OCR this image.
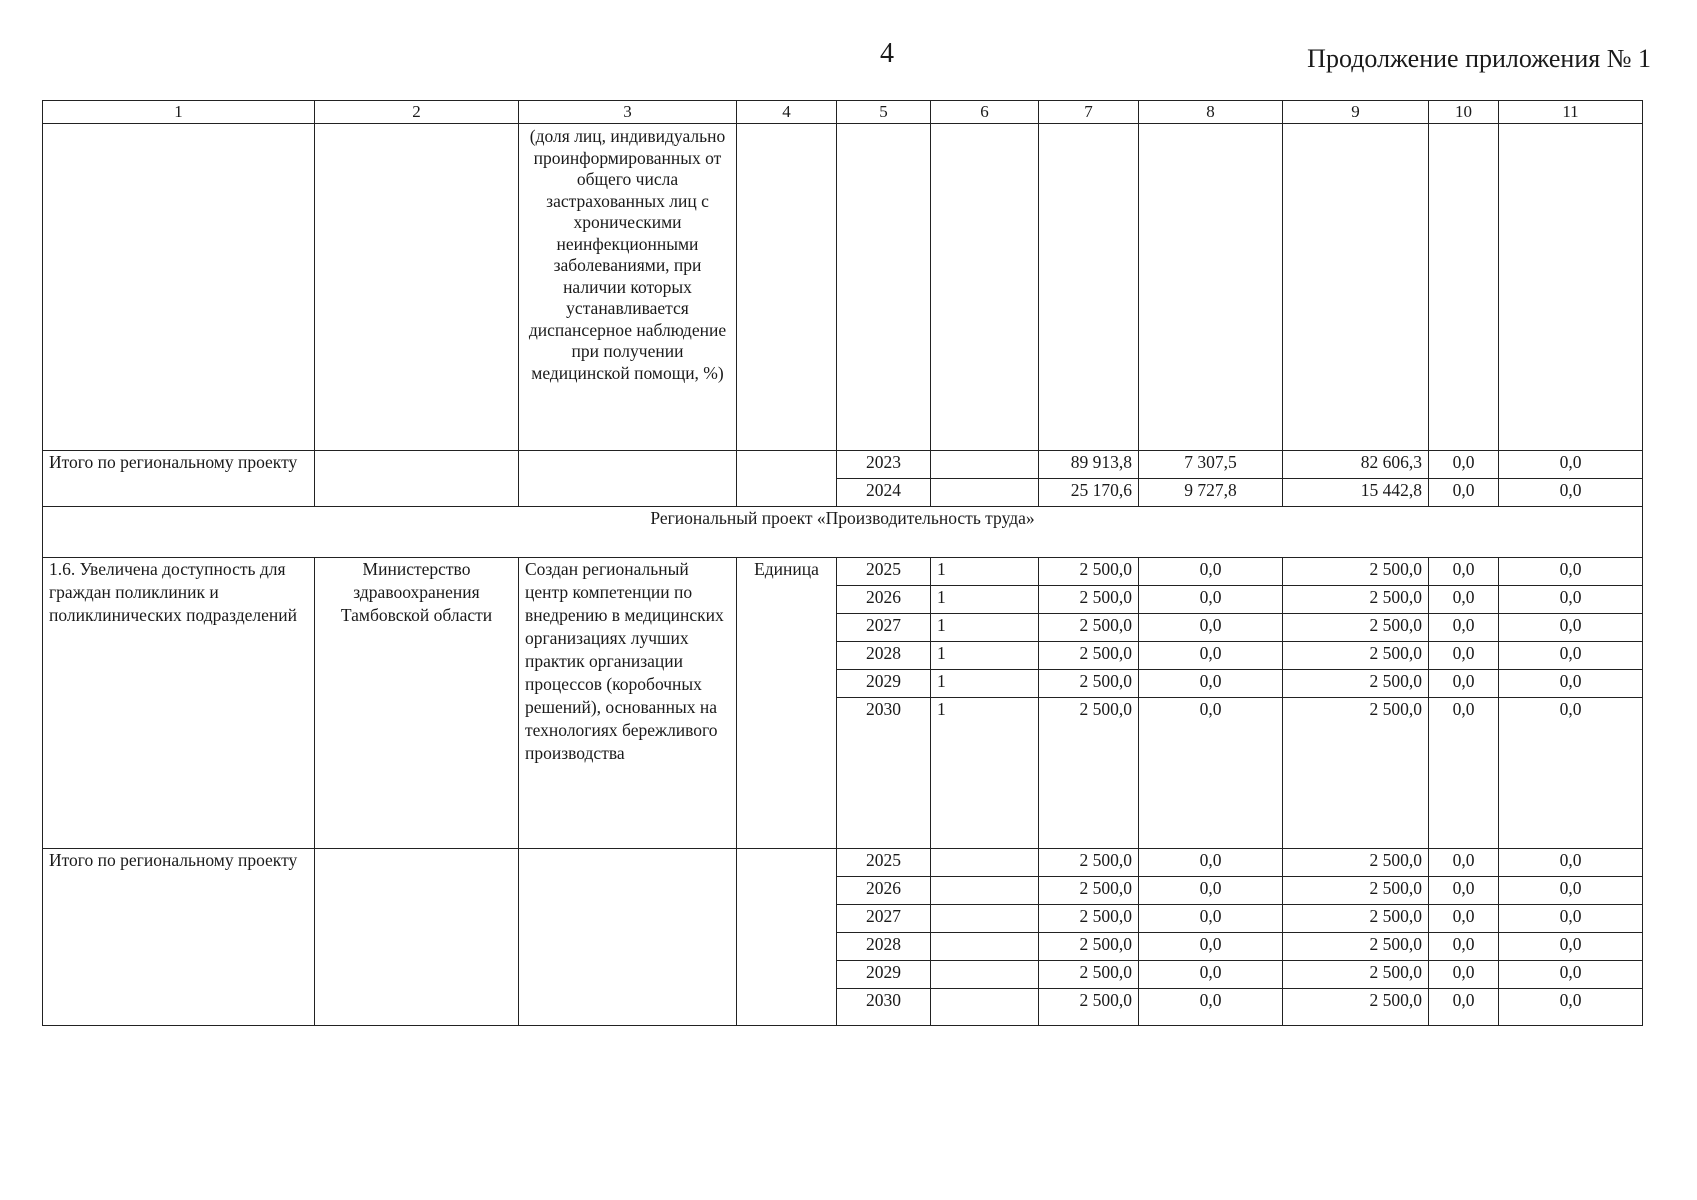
4	Продолжение приложения № 1
1	2	3	4	5	6	7	8	9	10	11
		(доля лиц, индивидуально проинформированных от общего числа застрахованных лиц с хроническими неинфекционными заболеваниями, при наличии которых устанавливается диспансерное наблюдение при получении медицинской помощи, %)								
Итого по региональному проекту				2023		89 913,8	7 307,5	82 606,3	0,0	0,0
				2024		25 170,6	9 727,8	15 442,8	0,0	0,0
Региональный проект «Производительность труда»										
1.6. Увеличена доступность для граждан поликлиник и поликлинических подразделений	Министерство здравоохранения Тамбовской области	Создан региональный центр компетенции по внедрению в медицинских организациях лучших практик организации процессов (коробочных решений), основанных на технологиях бережливого производства	Единица	2025	1	2 500,0	0,0	2 500,0	0,0	0,0
				2026	1	2 500,0	0,0	2 500,0	0,0	0,0
				2027	1	2 500,0	0,0	2 500,0	0,0	0,0
				2028	1	2 500,0	0,0	2 500,0	0,0	0,0
				2029	1	2 500,0	0,0	2 500,0	0,0	0,0
				2030	1	2 500,0	0,0	2 500,0	0,0	0,0
Итого по региональному проекту				2025		2 500,0	0,0	2 500,0	0,0	0,0
				2026		2 500,0	0,0	2 500,0	0,0	0,0
				2027		2 500,0	0,0	2 500,0	0,0	0,0
				2028		2 500,0	0,0	2 500,0	0,0	0,0
				2029		2 500,0	0,0	2 500,0	0,0	0,0
				2030		2 500,0	0,0	2 500,0	0,0	0,0
